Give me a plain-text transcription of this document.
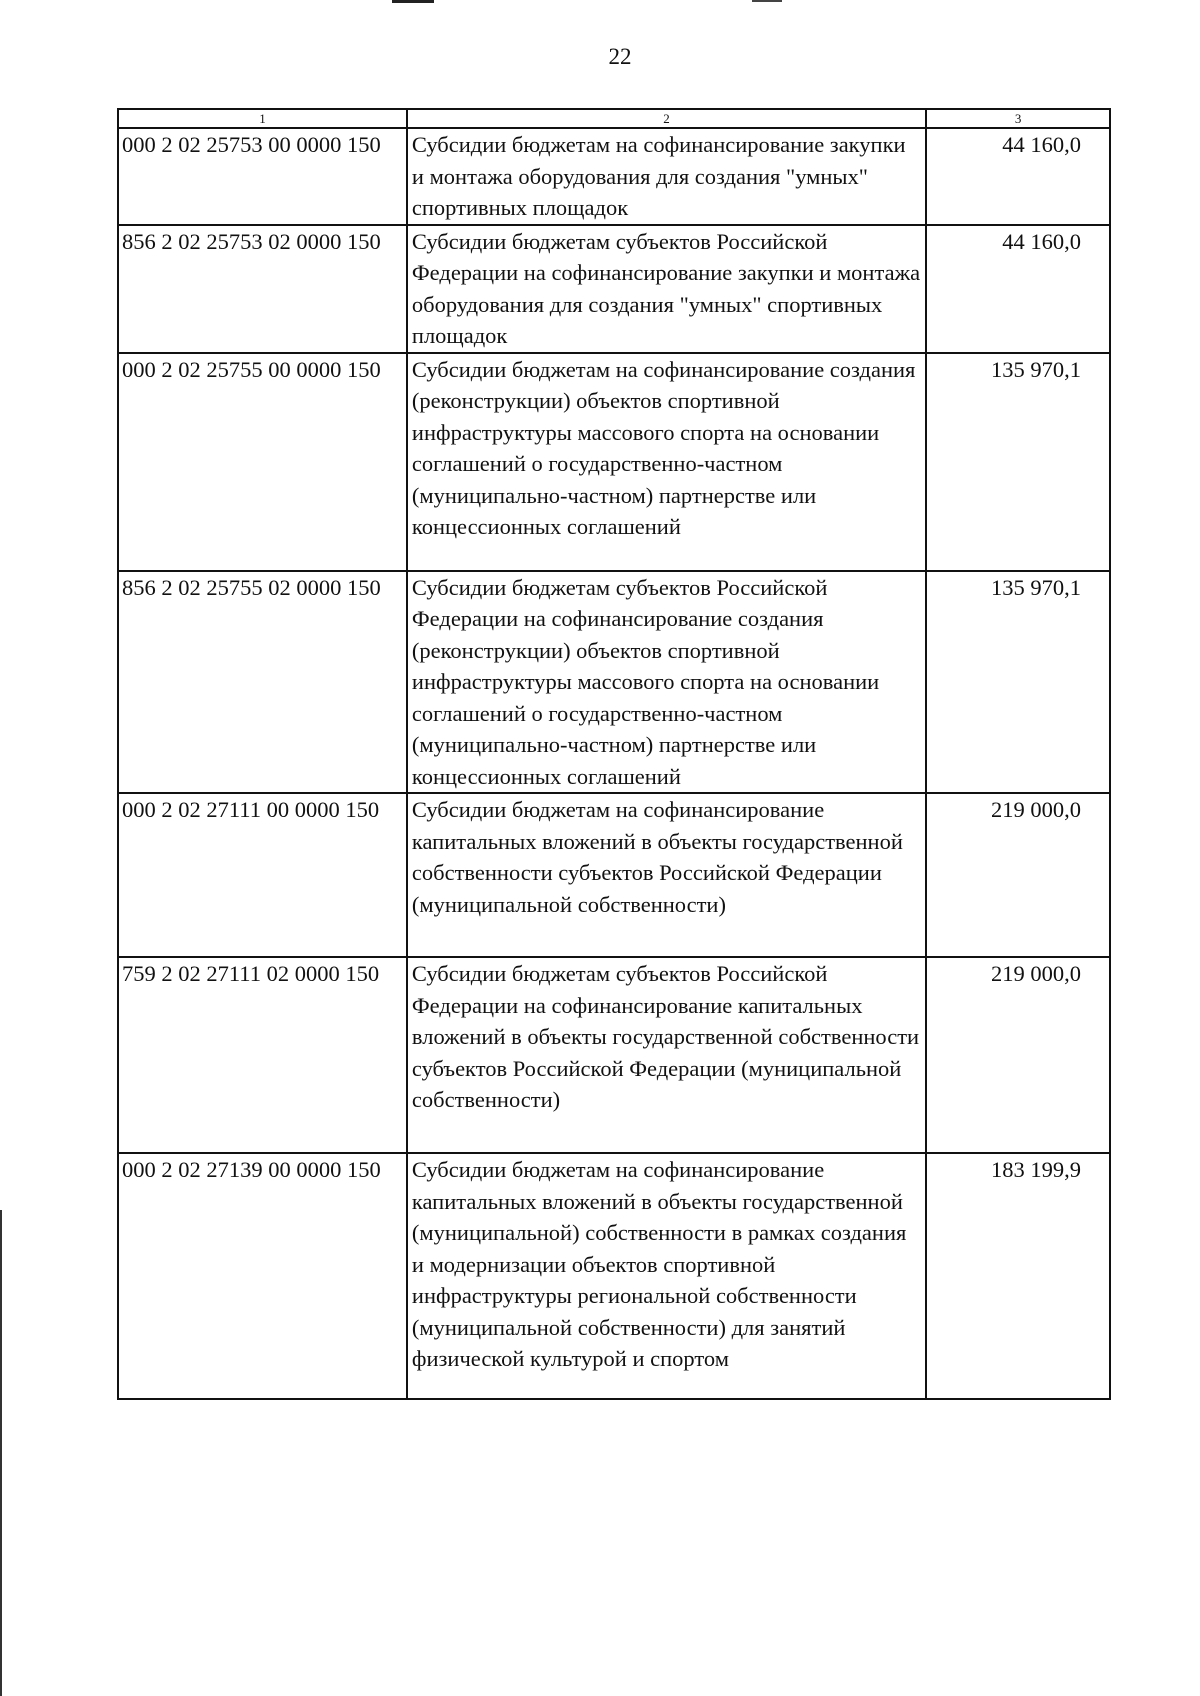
22
1	2	3
000 2 02 25753 00 0000 150	Субсидии бюджетам на софинансирование закупки и монтажа оборудования для создания "умных" спортивных площадок	44 160,0
856 2 02 25753 02 0000 150	Субсидии бюджетам субъектов Российской Федерации на софинансирование закупки и монтажа оборудования для создания "умных" спортивных площадок	44 160,0
000 2 02 25755 00 0000 150	Субсидии бюджетам на софинансирование создания (реконструкции) объектов спортивной инфраструктуры массового спорта на основании соглашений о государственно-частном (муниципально-частном) партнерстве или концессионных соглашений	135 970,1
856 2 02 25755 02 0000 150	Субсидии бюджетам субъектов Российской Федерации на софинансирование создания (реконструкции) объектов спортивной инфраструктуры массового спорта на основании соглашений о государственно-частном (муниципально-частном) партнерстве или концессионных соглашений	135 970,1
000 2 02 27111 00 0000 150	Субсидии бюджетам на софинансирование капитальных вложений в объекты государственной собственности субъектов Российской Федерации (муниципальной собственности)	219 000,0
759 2 02 27111 02 0000 150	Субсидии бюджетам субъектов Российской Федерации на софинансирование капитальных вложений в объекты государственной собственности субъектов Российской Федерации (муниципальной собственности)	219 000,0
000 2 02 27139 00 0000 150	Субсидии бюджетам на софинансирование капитальных вложений в объекты государственной (муниципальной) собственности в рамках создания и модернизации объектов спортивной инфраструктуры региональной собственности (муниципальной собственности) для занятий физической культурой и спортом	183 199,9
